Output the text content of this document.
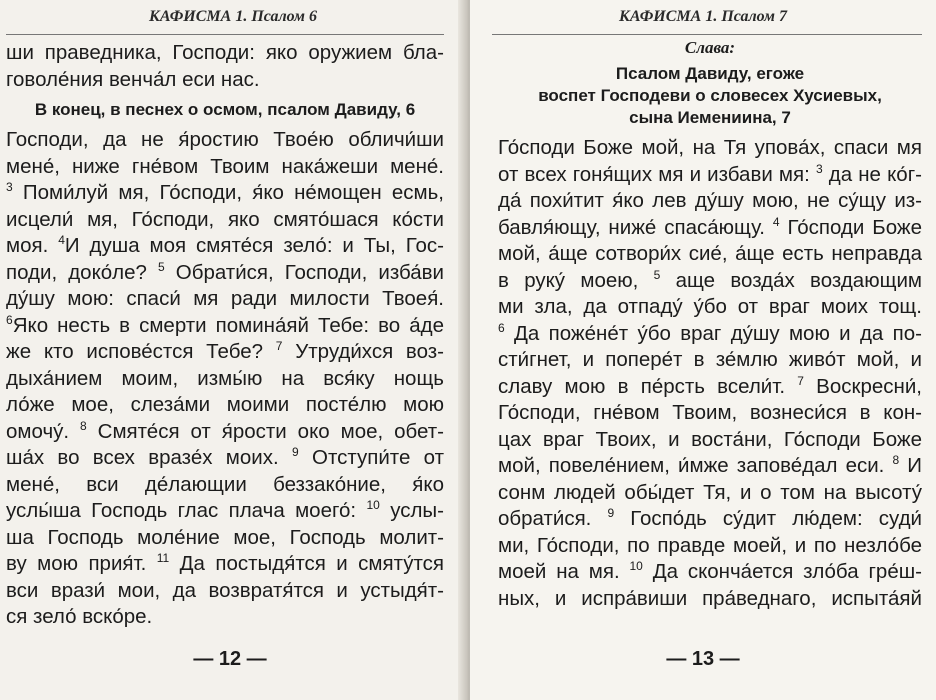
КАФИСМА 1. Псалом 6
ши праведника, Господи: яко оружием бла-
говоле́ния венча́л еси нас.
В конец, в песнех о осмом, псалом Давиду, 6
Господи, да не я́ростию Твое́ю обличи́ши
мене́, ниже гне́вом Твоим нака́жеши мене́.
$^3$ Поми́луй мя, Го́споди, я́ко не́мощен есмь,
исцели́ мя, Го́споди, яко смято́шася ко́сти
моя. $^4$И душа моя смяте́ся зело́: и Ты, Гос-
поди, доко́ле? $^5$ Обрати́ся, Господи, изба́ви
ду́шу мою: спаси́ мя ради милости Твоея́.
$^6$Яко несть в смерти помина́яй Тебе: во а́де
же кто испове́стся Тебе? $^7$ Утруди́хся воз-
дыха́нием моим, измы́ю на вся́ку нощь
ло́же мое, слеза́ми моими посте́лю мою
омочу́. $^8$ Смяте́ся от я́рости око мое, обет-
ша́х во всех вразе́х моих. $^9$ Отступи́те от
мене́, вси де́лающии беззако́ние, я́ко
услы́ша Господь глас плача моего́: $^{10}$ услы-
ша Господь моле́ние мое, Господь молит-
ву мою прия́т. $^{11}$ Да постыдя́тся и смяту́тся
вси врази́ мои, да возвратя́тся и устыдя́т-
ся зело́ вско́ре.
— 12 —
КАФИСМА 1. Псалом 7
Слава:
Псалом Давиду, егоже
воспет Господеви о словесех Хусиевых,
сына Иемениина, 7
Го́споди Боже мой, на Тя упова́х, спаси мя
от всех гоня́щих мя и избави мя: $^3$ да не ко́г-
да́ похи́тит я́ко лев ду́шу мою, не су́щу из-
бавля́ющу, ниже́ спаса́ющу. $^4$ Го́споди Боже
мой, а́ще сотвори́х сие́, а́ще есть неправда
в руку́ моею, $^5$ аще возда́х воздающим
ми зла, да отпаду́ у́бо от враг моих тощ.
$^6$ Да поже́не́т у́бо враг ду́шу мою и да по-
сти́гнет, и попере́т в зе́млю живо́т мой, и
славу мою в пе́рсть всели́т. $^7$ Воскресни́,
Го́споди, гне́вом Твоим, вознеси́ся в кон-
цах враг Твоих, и воста́ни, Го́споди Боже
мой, повеле́нием, и́мже запове́дал еси. $^8$ И
сонм людей обы́дет Тя, и о том на высоту́
обрати́ся. $^9$ Госпо́дь су́дит лю́дем: суди́
ми, Го́споди, по правде моей, и по незло́бе
моей на мя. $^{10}$ Да сконча́ется зло́ба гре́ш-
ных, и испра́виши пра́веднаго, испыта́яй
— 13 —
